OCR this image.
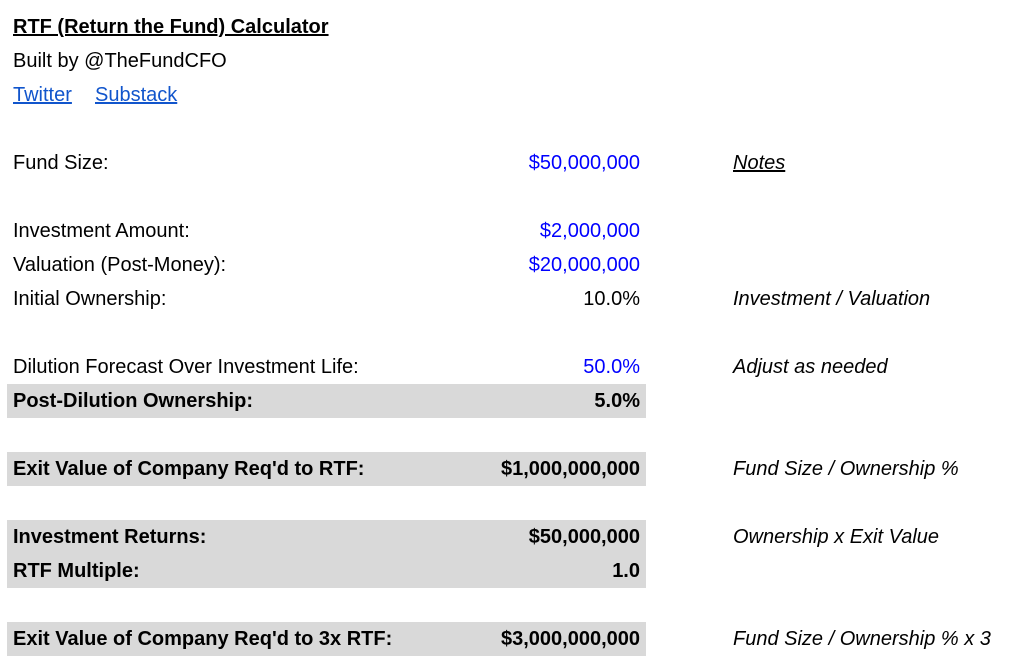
RTF (Return the Fund) Calculator
Built by @TheFundCFO
Twitter Substack
Fund Size:	$50,000,000	Notes
Investment Amount:	$2,000,000
Valuation (Post-Money):	$20,000,000
Initial Ownership:	10.0%	Investment / Valuation
Dilution Forecast Over Investment Life:	50.0%	Adjust as needed
Post-Dilution Ownership:	5.0%
Exit Value of Company Req'd to RTF:	$1,000,000,000	Fund Size / Ownership %
Investment Returns:	$50,000,000	Ownership x Exit Value
RTF Multiple:	1.0
Exit Value of Company Req'd to 3x RTF:	$3,000,000,000	Fund Size / Ownership % x 3
